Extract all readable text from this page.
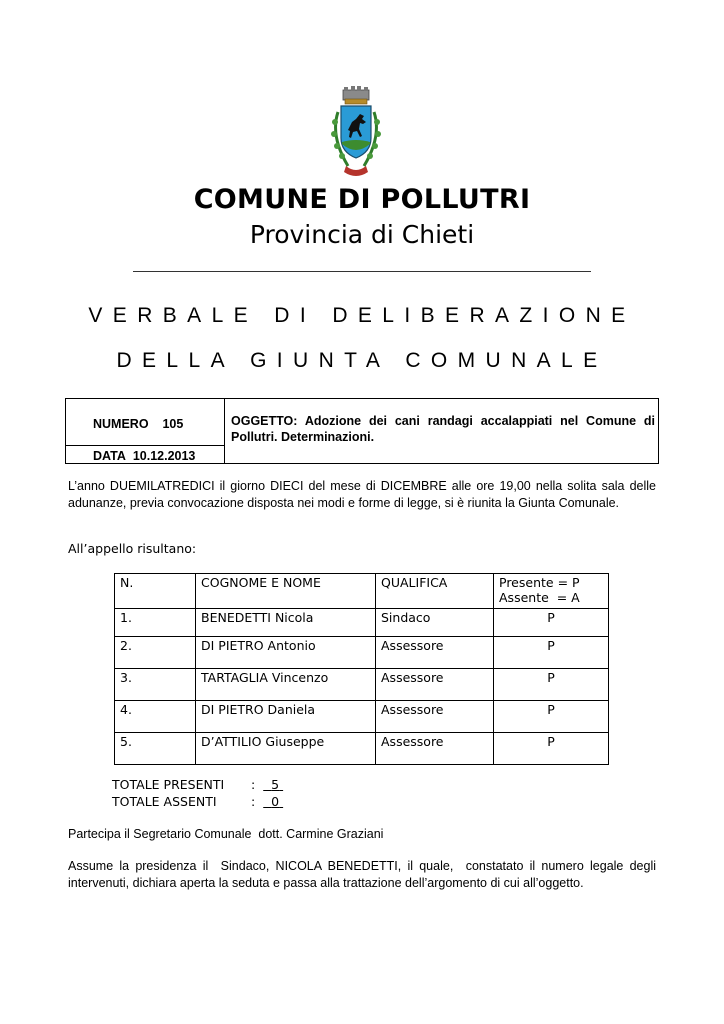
COMUNE DI POLLUTRI
Provincia di Chieti
VERBALE DI DELIBERAZIONE
DELLA GIUNTA COMUNALE
NUMERO 105
DATA 10.12.2013
OGGETTO: Adozione dei cani randagi accalappiati nel Comune di Pollutri. Determinazioni.
L’anno DUEMILATREDICI il giorno DIECI del mese di DICEMBRE alle ore 19,00 nella solita sala delle adunanze, previa convocazione disposta nei modi e forme di legge, si è riunita la Giunta Comunale.
All’appello risultano:
N.	COGNOME E NOME	QUALIFICA	Presente = P
Assente  = A

1.	BENEDETTI Nicola	Sindaco	P
2.	DI PIETRO Antonio	Assessore	P
3.	TARTAGLIA Vincenzo	Assessore	P
4.	DI PIETRO Daniela	Assessore	P
5.	D’ATTILIO Giuseppe	Assessore	P
TOTALE PRESENTI : 5
TOTALE ASSENTI	: 0
Partecipa il Segretario Comunale  dott. Carmine Graziani
Assume la presidenza il  Sindaco, NICOLA BENEDETTI, il quale,  constatato il numero legale degli intervenuti, dichiara aperta la seduta e passa alla trattazione dell’argomento di cui all’oggetto.
